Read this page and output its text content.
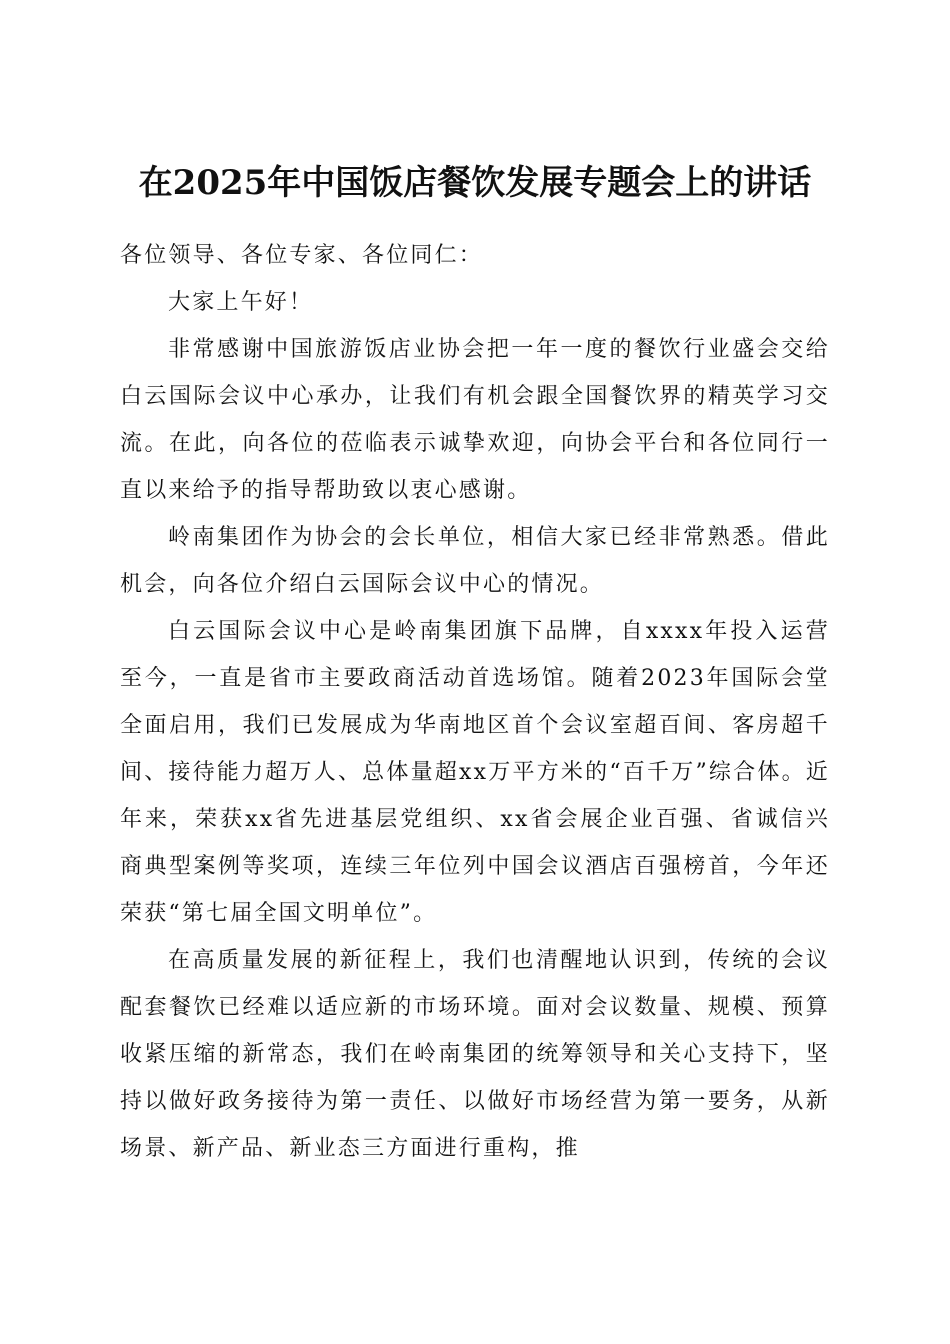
在2025年中国饭店餐饮发展专题会上的讲话

各位领导、各位专家、各位同仁：

大家上午好！

非常感谢中国旅游饭店业协会把一年一度的餐饮行业盛会交给白云国际会议中心承办，让我们有机会跟全国餐饮界的精英学习交流。在此，向各位的莅临表示诚挚欢迎，向协会平台和各位同行一直以来给予的指导帮助致以衷心感谢。

岭南集团作为协会的会长单位，相信大家已经非常熟悉。借此机会，向各位介绍白云国际会议中心的情况。

白云国际会议中心是岭南集团旗下品牌，自xxxx年投入运营至今，一直是省市主要政商活动首选场馆。随着2023年国际会堂全面启用，我们已发展成为华南地区首个会议室超百间、客房超千间、接待能力超万人、总体量超xx万平方米的“百千万”综合体。近年来，荣获xx省先进基层党组织、xx省会展企业百强、省诚信兴商典型案例等奖项，连续三年位列中国会议酒店百强榜首，今年还荣获“第七届全国文明单位”。

在高质量发展的新征程上，我们也清醒地认识到，传统的会议配套餐饮已经难以适应新的市场环境。面对会议数量、规模、预算收紧压缩的新常态，我们在岭南集团的统筹领导和关心支持下，坚持以做好政务接待为第一责任、以做好市场经营为第一要务，从新场景、新产品、新业态三方面进行重构，推
